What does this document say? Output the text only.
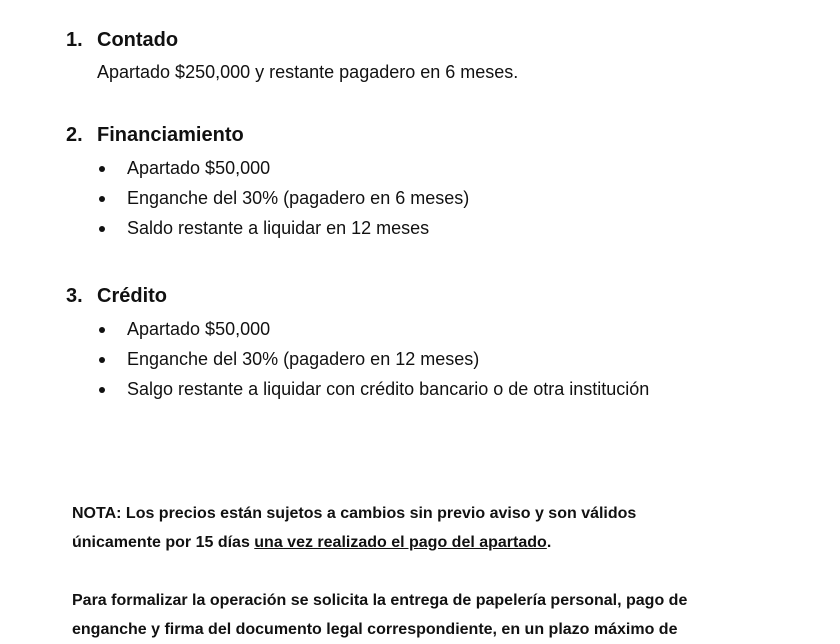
1. Contado
Apartado $250,000 y restante pagadero en 6 meses.
2. Financiamiento
Apartado $50,000
Enganche del 30% (pagadero en 6 meses)
Saldo restante a liquidar en 12 meses
3. Crédito
Apartado $50,000
Enganche del 30% (pagadero en 12 meses)
Salgo restante a liquidar con crédito bancario o de otra institución
NOTA: Los precios están sujetos a cambios sin previo aviso y son válidos
únicamente por 15 días una vez realizado el pago del apartado.
Para formalizar la operación se solicita la entrega de papelería personal, pago de
enganche y firma del documento legal correspondiente, en un plazo máximo de
